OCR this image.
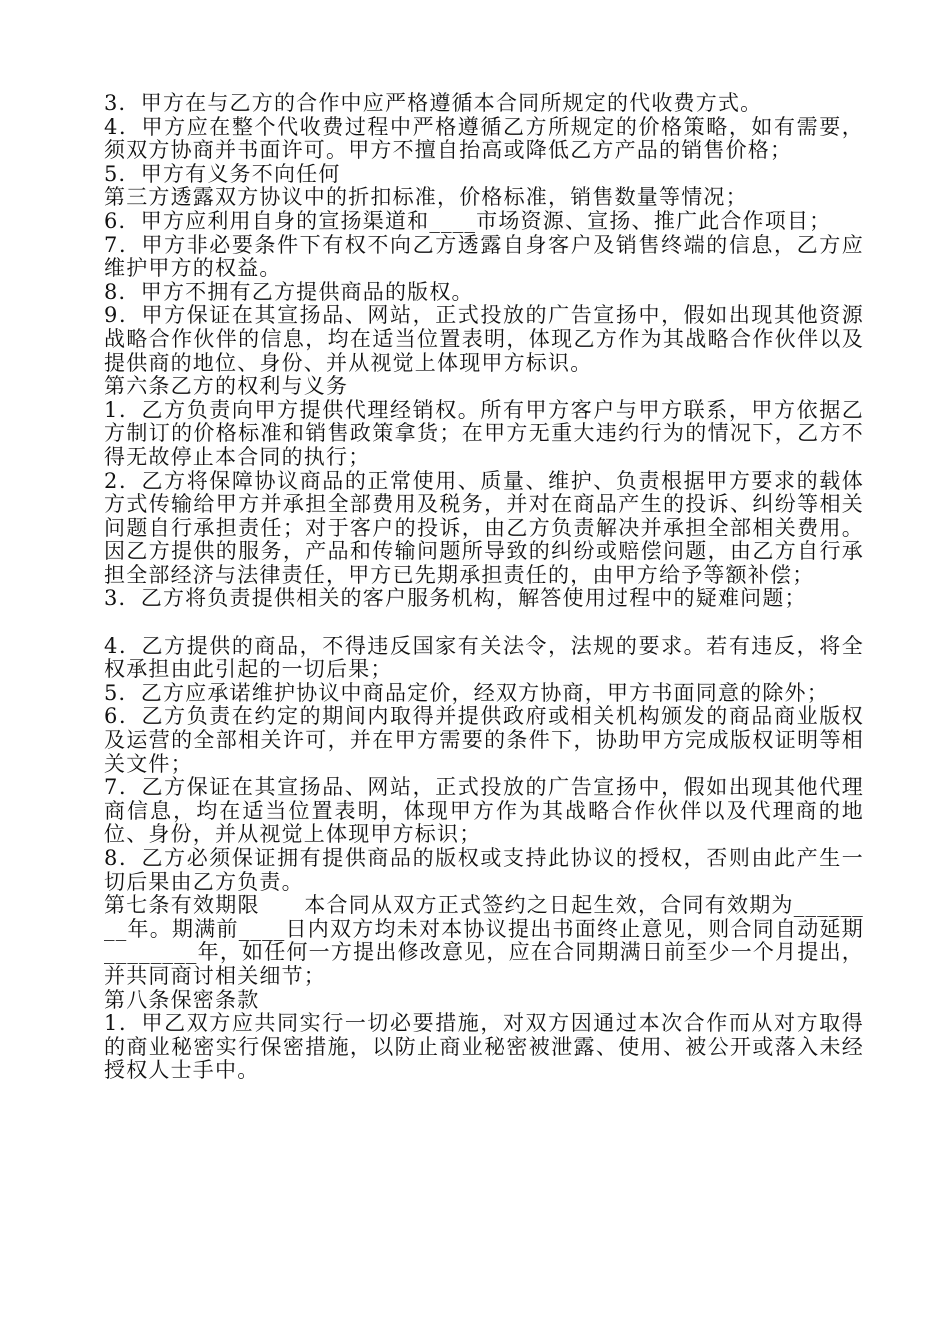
3．甲方在与乙方的合作中应严格遵循本合同所规定的代收费方式。

4．甲方应在整个代收费过程中严格遵循乙方所规定的价格策略，如有需要，须双方协商并书面许可。甲方不擅自抬高或降低乙方产品的销售价格；

5．甲方有义务不向任何

第三方透露双方协议中的折扣标准，价格标准，销售数量等情况；

6．甲方应利用自身的宣扬渠道和____市场资源、宣扬、推广此合作项目；

7．甲方非必要条件下有权不向乙方透露自身客户及销售终端的信息，乙方应维护甲方的权益。

8．甲方不拥有乙方提供商品的版权。

9．甲方保证在其宣扬品、网站，正式投放的广告宣扬中，假如出现其他资源战略合作伙伴的信息，均在适当位置表明，体现乙方作为其战略合作伙伴以及提供商的地位、身份、并从视觉上体现甲方标识。

第六条乙方的权利与义务

1．乙方负责向甲方提供代理经销权。所有甲方客户与甲方联系，甲方依据乙方制订的价格标准和销售政策拿货；在甲方无重大违约行为的情况下，乙方不得无故停止本合同的执行；

2．乙方将保障协议商品的正常使用、质量、维护、负责根据甲方要求的载体方式传输给甲方并承担全部费用及税务，并对在商品产生的投诉、纠纷等相关问题自行承担责任；对于客户的投诉，由乙方负责解决并承担全部相关费用。因乙方提供的服务，产品和传输问题所导致的纠纷或赔偿问题，由乙方自行承担全部经济与法律责任，甲方已先期承担责任的，由甲方给予等额补偿；

3．乙方将负责提供相关的客户服务机构，解答使用过程中的疑难问题；

4．乙方提供的商品，不得违反国家有关法令，法规的要求。若有违反，将全权承担由此引起的一切后果；

5．乙方应承诺维护协议中商品定价，经双方协商，甲方书面同意的除外；

6．乙方负责在约定的期间内取得并提供政府或相关机构颁发的商品商业版权及运营的全部相关许可，并在甲方需要的条件下，协助甲方完成版权证明等相关文件；

7．乙方保证在其宣扬品、网站，正式投放的广告宣扬中，假如出现其他代理商信息，均在适当位置表明，体现甲方作为其战略合作伙伴以及代理商的地位、身份，并从视觉上体现甲方标识；

8．乙方必须保证拥有提供商品的版权或支持此协议的授权，否则由此产生一切后果由乙方负责。

第七条有效期限　　本合同从双方正式签约之日起生效，合同有效期为________年。期满前____日内双方均未对本协议提出书面终止意见，则合同自动延期________年，如任何一方提出修改意见，应在合同期满日前至少一个月提出，并共同商讨相关细节；

第八条保密条款

1．甲乙双方应共同实行一切必要措施，对双方因通过本次合作而从对方取得的商业秘密实行保密措施，以防止商业秘密被泄露、使用、被公开或落入未经授权人士手中。
